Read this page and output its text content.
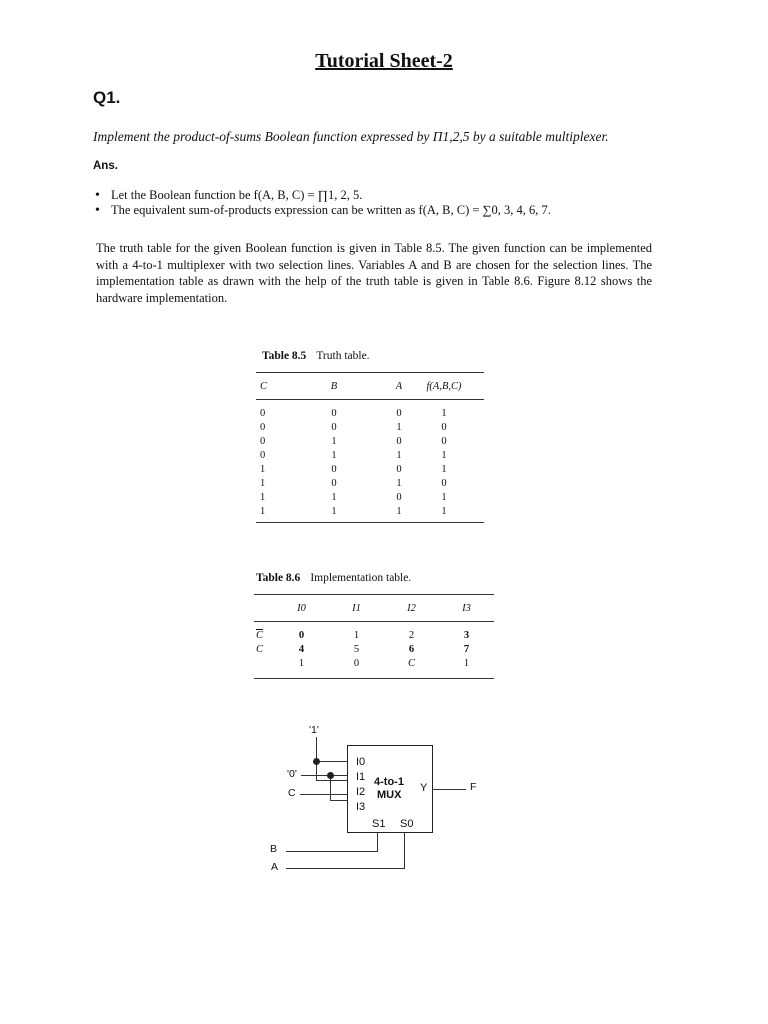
Tutorial Sheet-2
Q1.
Implement the product-of-sums Boolean function expressed by Π1,2,5 by a suitable multiplexer.
Ans.
• Let the Boolean function be f(A, B, C) = ∏1, 2, 5.
• The equivalent sum-of-products expression can be written as f(A, B, C) = ∑0, 3, 4, 6, 7.

The truth table for the given Boolean function is given in Table 8.5. The given function can be implemented with a 4-to-1 multiplexer with two selection lines. Variables A and B are chosen for the selection lines. The implementation table as drawn with the help of the truth table is given in Table 8.6. Figure 8.12 shows the hardware implementation.

Table 8.5 Truth table.
C	B	A	f(A,B,C)
0	0	0	1
0	0	1	0
0	1	0	0
0	1	1	1
1	0	0	1
1	0	1	0
1	1	0	1
1	1	1	1
Table 8.6 Implementation table.
	I0	I1	I2	I3
$\overline{C}$	0	1	2	3
C	4	5	6	7
	1	0	C	1
'1'
'0'
C
B
A
I0
I1
I2
I3
4-to-1
MUX
Y
S1 S0
F
